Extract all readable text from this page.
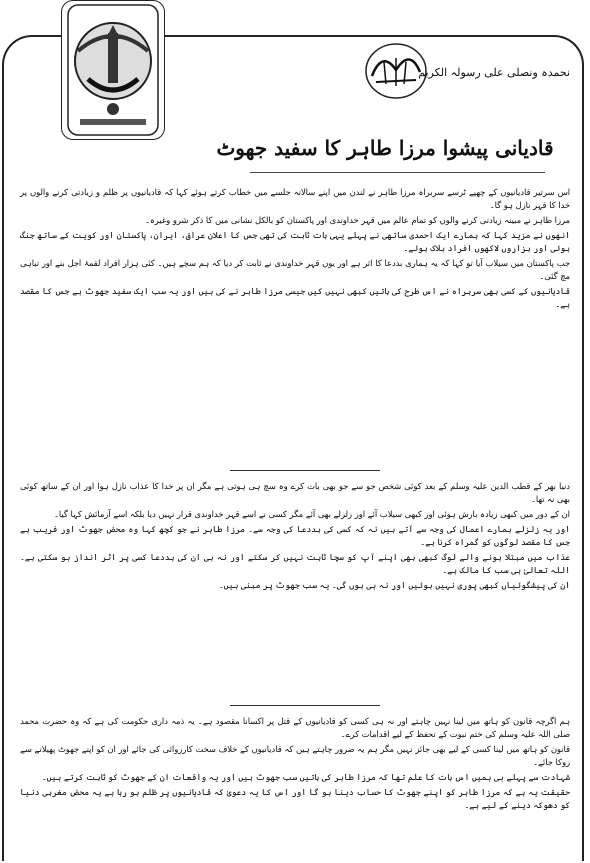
نحمدہ ونصلی علی رسولہ الکریم
قادیانی پیشوا مرزا طاہر کا سفید جھوٹ

اس سرتیر قادیانیوں کے چھپے ٹرسے سربراہ مرزا طاہر نے لندن میں اپنے سالانہ جلسے میں خطاب کرتے ہوئے کہا کہ قادیانیوں پر ظلم و زیادتی کرنے والوں پر خدا کا قہر نازل ہو گا۔

مرزا طاہر نے مبینہ زیادتی کرنے والوں کو تمام عالم میں قہر خداوندی اور پاکستان کو بالکل نشانی میں کا ذکر شرو وغیرہ۔

انھوں نے مزید کہا کہ ہمارے ایک احمدی ساتھی نے پہلے یہی بات ثابت کی تھی جس کا اعلان عراق، ایران، پاکستان اور کویت کے ساتھ جنگ ہوئی اور ہزاروں لاکھوں افراد ہلاک ہوئے۔

جب پاکستان میں سیلاب آیا تو کہا کہ یہ ہماری بددعا کا اثر ہے اور یوں قہر خداوندی نے ثابت کر دیا کہ ہم سچے ہیں۔ کئی ہزار افراد لقمۂ اجل بنے اور تباہی مچ گئی۔

قادیانیوں کے کسی بھی سربراہ نے اس طرح کی باتیں کبھی نہیں کیں جیسی مرزا طاہر نے کی ہیں اور یہ سب ایک سفید جھوٹ ہے جس کا مقصد ہے۔

دنیا بھر کے قطب الدین علیہ وسلم کے بعد کوئی شخص جو سے جو بھی بات کرے وہ سچ ہی ہوتی ہے مگر ان پر خدا کا عذاب نازل ہوا اور ان کے ساتھ کوئی بھی نہ تھا۔

ان کے دور میں کبھی زیادہ بارش ہوئی اور کبھی سیلاب آئے اور زلزلے بھی آئے مگر کسی نے اسے قہر خداوندی قرار نہیں دیا بلکہ اسے آزمائش کہا گیا۔

اور یہ زلزلے ہمارے اعمال کی وجہ سے آتے ہیں نہ کہ کسی کی بددعا کی وجہ سے۔ مرزا طاہر نے جو کچھ کہا وہ محض جھوٹ اور فریب ہے جس کا مقصد لوگوں کو گمراہ کرنا ہے۔

عذاب میں مبتلا ہونے والے لوگ کبھی بھی اپنے آپ کو سچا ثابت نہیں کر سکتے اور نہ ہی ان کی بددعا کسی پر اثر انداز ہو سکتی ہے۔ اللہ تعالیٰ ہی سب کا مالک ہے۔

ان کی پیشگوئیاں کبھی پوری نہیں ہوئیں اور نہ ہی ہوں گی۔ یہ سب جھوٹ پر مبنی ہیں۔

ہم اگرچہ قانون کو ہاتھ میں لینا نہیں چاہتے اور نہ ہی کسی کو قادیانیوں کے قتل پر اکسانا مقصود ہے۔ یہ ذمہ داری حکومت کی ہے کہ وہ حضرت محمد صلی اللہ علیہ وسلم کی ختم نبوت کے تحفظ کے لیے اقدامات کرے۔

قانون کو ہاتھ میں لینا کسی کے لیے بھی جائز نہیں مگر ہم یہ ضرور چاہتے ہیں کہ قادیانیوں کے خلاف سخت کارروائی کی جائے اور ان کو اپنے جھوٹ پھیلانے سے روکا جائے۔

شہادت سے پہلے ہی ہمیں اس بات کا علم تھا کہ مرزا طاہر کی باتیں سب جھوٹ ہیں اور یہ واقعات ان کے جھوٹ کو ثابت کرتے ہیں۔

حقیقت یہ ہے کہ مرزا طاہر کو اپنے جھوٹ کا حساب دینا ہو گا اور اس کا یہ دعویٰ کہ قادیانیوں پر ظلم ہو رہا ہے یہ محض مغربی دنیا کو دھوکہ دینے کے لیے ہے۔
